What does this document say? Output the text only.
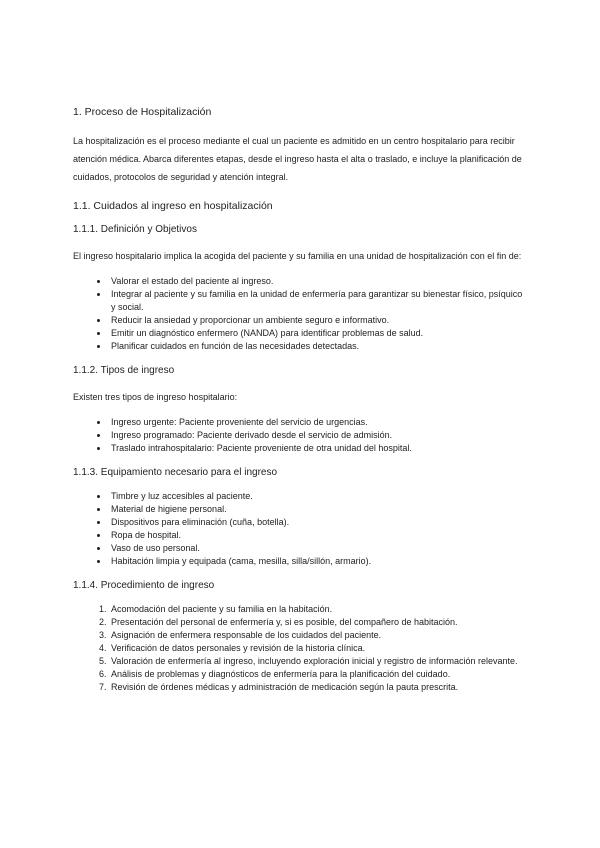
1. Proceso de Hospitalización

La hospitalización es el proceso mediante el cual un paciente es admitido en un centro hospitalario para recibir atención médica. Abarca diferentes etapas, desde el ingreso hasta el alta o traslado, e incluye la planificación de cuidados, protocolos de seguridad y atención integral.

1.1. Cuidados al ingreso en hospitalización
1.1.1. Definición y Objetivos

El ingreso hospitalario implica la acogida del paciente y su familia en una unidad de hospitalización con el fin de:

• Valorar el estado del paciente al ingreso.
• Integrar al paciente y su familia en la unidad de enfermería para garantizar su bienestar físico, psíquico y social.
• Reducir la ansiedad y proporcionar un ambiente seguro e informativo.
• Emitir un diagnóstico enfermero (NANDA) para identificar problemas de salud.
• Planificar cuidados en función de las necesidades detectadas.
1.1.2. Tipos de ingreso

Existen tres tipos de ingreso hospitalario:

• Ingreso urgente: Paciente proveniente del servicio de urgencias.
• Ingreso programado: Paciente derivado desde el servicio de admisión.
• Traslado intrahospitalario: Paciente proveniente de otra unidad del hospital.
1.1.3. Equipamiento necesario para el ingreso
• Timbre y luz accesibles al paciente.
• Material de higiene personal.
• Dispositivos para eliminación (cuña, botella).
• Ropa de hospital.
• Vaso de uso personal.
• Habitación limpia y equipada (cama, mesilla, silla/sillón, armario).
1.1.4. Procedimiento de ingreso
1. Acomodación del paciente y su familia en la habitación.
2. Presentación del personal de enfermería y, si es posible, del compañero de habitación.
3. Asignación de enfermera responsable de los cuidados del paciente.
4. Verificación de datos personales y revisión de la historia clínica.
5. Valoración de enfermería al ingreso, incluyendo exploración inicial y registro de información relevante.
6. Análisis de problemas y diagnósticos de enfermería para la planificación del cuidado.
7. Revisión de órdenes médicas y administración de medicación según la pauta prescrita.
